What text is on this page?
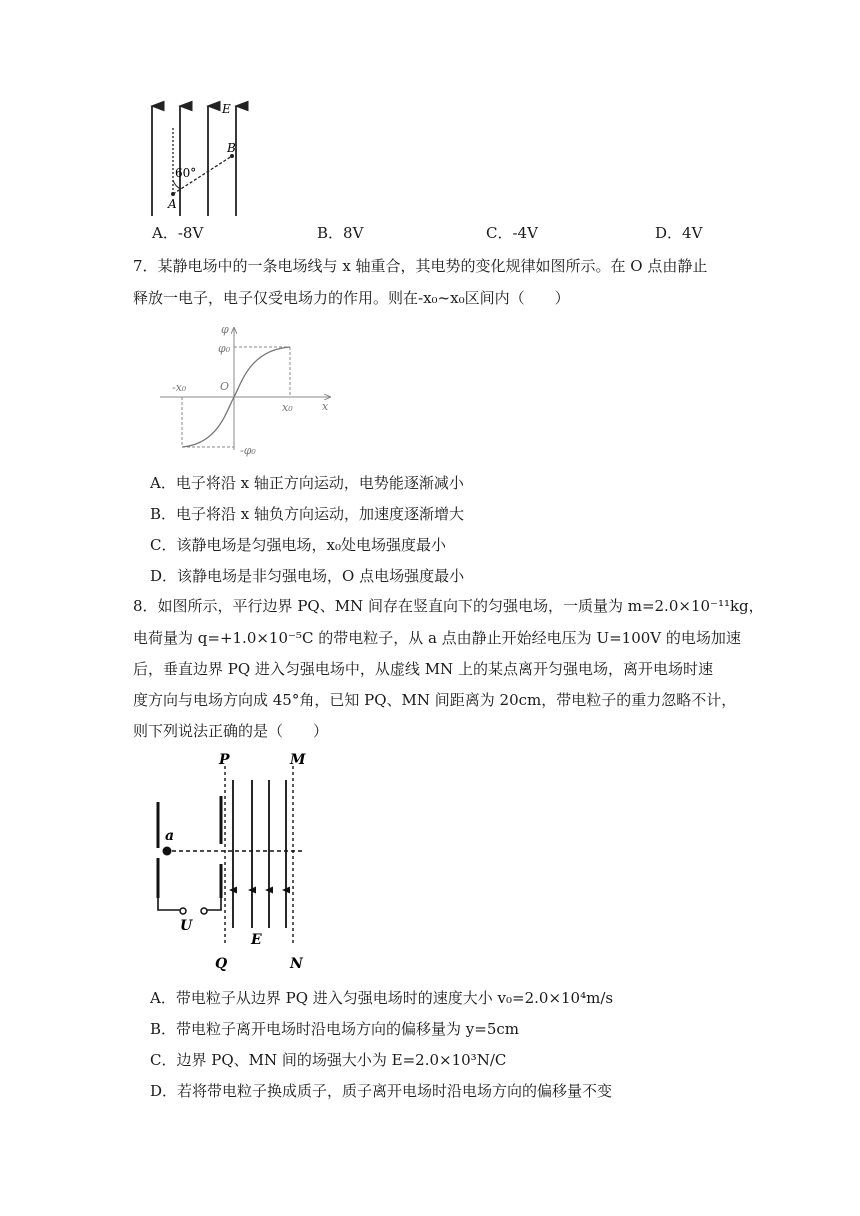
E
60°
A
B
A．-8V	B．8V	C．-4V	D．4V
7．某静电场中的一条电场线与 x 轴重合，其电势的变化规律如图所示。在 O 点由静止
释放一电子，电子仅受电场力的作用。则在-x₀~x₀区间内（　　）
φ
φ₀
-x₀	O
x₀	x
-φ₀
A．电子将沿 x 轴正方向运动，电势能逐渐减小
B．电子将沿 x 轴负方向运动，加速度逐渐增大
C．该静电场是匀强电场，x₀处电场强度最小
D．该静电场是非匀强电场，O 点电场强度最小
8．如图所示，平行边界 PQ、MN 间存在竖直向下的匀强电场，一质量为 m=2.0×10⁻¹¹kg，
电荷量为 q=+1.0×10⁻⁵C 的带电粒子，从 a 点由静止开始经电压为 U=100V 的电场加速
后，垂直边界 PQ 进入匀强电场中，从虚线 MN 上的某点离开匀强电场，离开电场时速
度方向与电场方向成 45°角，已知 PQ、MN 间距离为 20cm，带电粒子的重力忽略不计，
则下列说法正确的是（　　）
P	M
a
U
E
Q	N
A．带电粒子从边界 PQ 进入匀强电场时的速度大小 v₀=2.0×10⁴m/s
B．带电粒子离开电场时沿电场方向的偏移量为 y=5cm
C．边界 PQ、MN 间的场强大小为 E=2.0×10³N/C
D．若将带电粒子换成质子，质子离开电场时沿电场方向的偏移量不变
